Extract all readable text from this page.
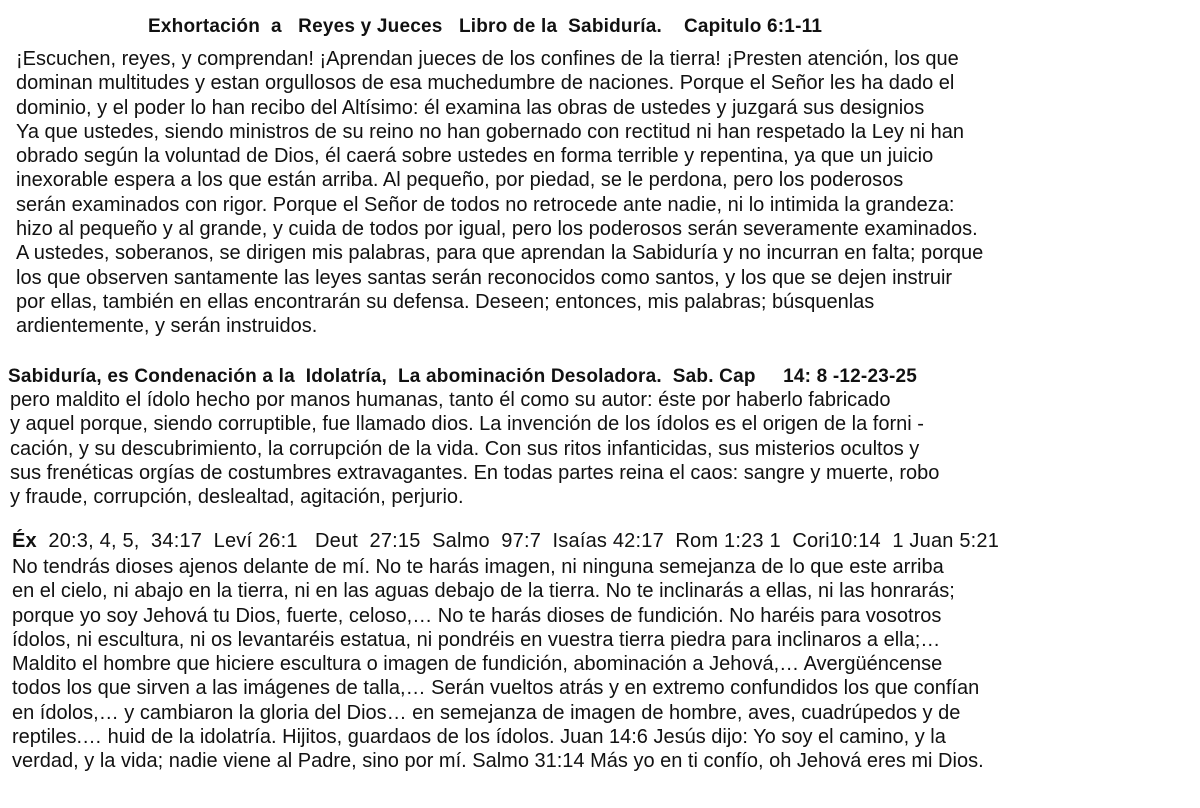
Exhortación  a   Reyes y Jueces   Libro de la  Sabiduría.    Capitulo 6:1-11
¡Escuchen, reyes, y comprendan! ¡Aprendan jueces de los confines de la tierra! ¡Presten atención, los que
dominan multitudes y estan orgullosos de esa muchedumbre de naciones. Porque el Señor les ha dado el
dominio, y el poder lo han recibo del Altísimo: él examina las obras de ustedes y juzgará sus designios
Ya que ustedes, siendo ministros de su reino no han gobernado con rectitud ni han respetado la Ley ni han
obrado según la voluntad de Dios, él caerá sobre ustedes en forma terrible y repentina, ya que un juicio
inexorable espera a los que están arriba. Al pequeño, por piedad, se le perdona, pero los poderosos
serán examinados con rigor. Porque el Señor de todos no retrocede ante nadie, ni lo intimida la grandeza:
hizo al pequeño y al grande, y cuida de todos por igual, pero los poderosos serán severamente examinados.
A ustedes, soberanos, se dirigen mis palabras, para que aprendan la Sabiduría y no incurran en falta; porque
los que observen santamente las leyes santas serán reconocidos como santos, y los que se dejen instruir
por ellas, también en ellas encontrarán su defensa. Deseen; entonces, mis palabras; búsquenlas
ardientemente, y serán instruidos.
Sabiduría, es Condenación a la  Idolatría,  La abominación Desoladora.  Sab. Cap     14: 8 -12-23-25
pero maldito el ídolo hecho por manos humanas, tanto él como su autor: éste por haberlo fabricado
y aquel porque, siendo corruptible, fue llamado dios. La invención de los ídolos es el origen de la forni -
cación, y su descubrimiento, la corrupción de la vida. Con sus ritos infanticidas, sus misterios ocultos y
sus frenéticas orgías de costumbres extravagantes. En todas partes reina el caos: sangre y muerte, robo
y fraude, corrupción, deslealtad, agitación, perjurio.
Éx  20:3, 4, 5,  34:17  Leví 26:1   Deut  27:15  Salmo  97:7  Isaías 42:17  Rom 1:23 1  Cori10:14  1 Juan 5:21
No tendrás dioses ajenos delante de mí. No te harás imagen, ni ninguna semejanza de lo que este arriba
en el cielo, ni abajo en la tierra, ni en las aguas debajo de la tierra. No te inclinarás a ellas, ni las honrarás;
porque yo soy Jehová tu Dios, fuerte, celoso,… No te harás dioses de fundición. No haréis para vosotros
ídolos, ni escultura, ni os levantaréis estatua, ni pondréis en vuestra tierra piedra para inclinaros a ella;…
Maldito el hombre que hiciere escultura o imagen de fundición, abominación a Jehová,… Avergüéncense
todos los que sirven a las imágenes de talla,… Serán vueltos atrás y en extremo confundidos los que confían
en ídolos,… y cambiaron la gloria del Dios… en semejanza de imagen de hombre, aves, cuadrúpedos y de
reptiles.… huid de la idolatría. Hijitos, guardaos de los ídolos. Juan 14:6 Jesús dijo: Yo soy el camino, y la
verdad, y la vida; nadie viene al Padre, sino por mí. Salmo 31:14 Más yo en ti confío, oh Jehová eres mi Dios.
